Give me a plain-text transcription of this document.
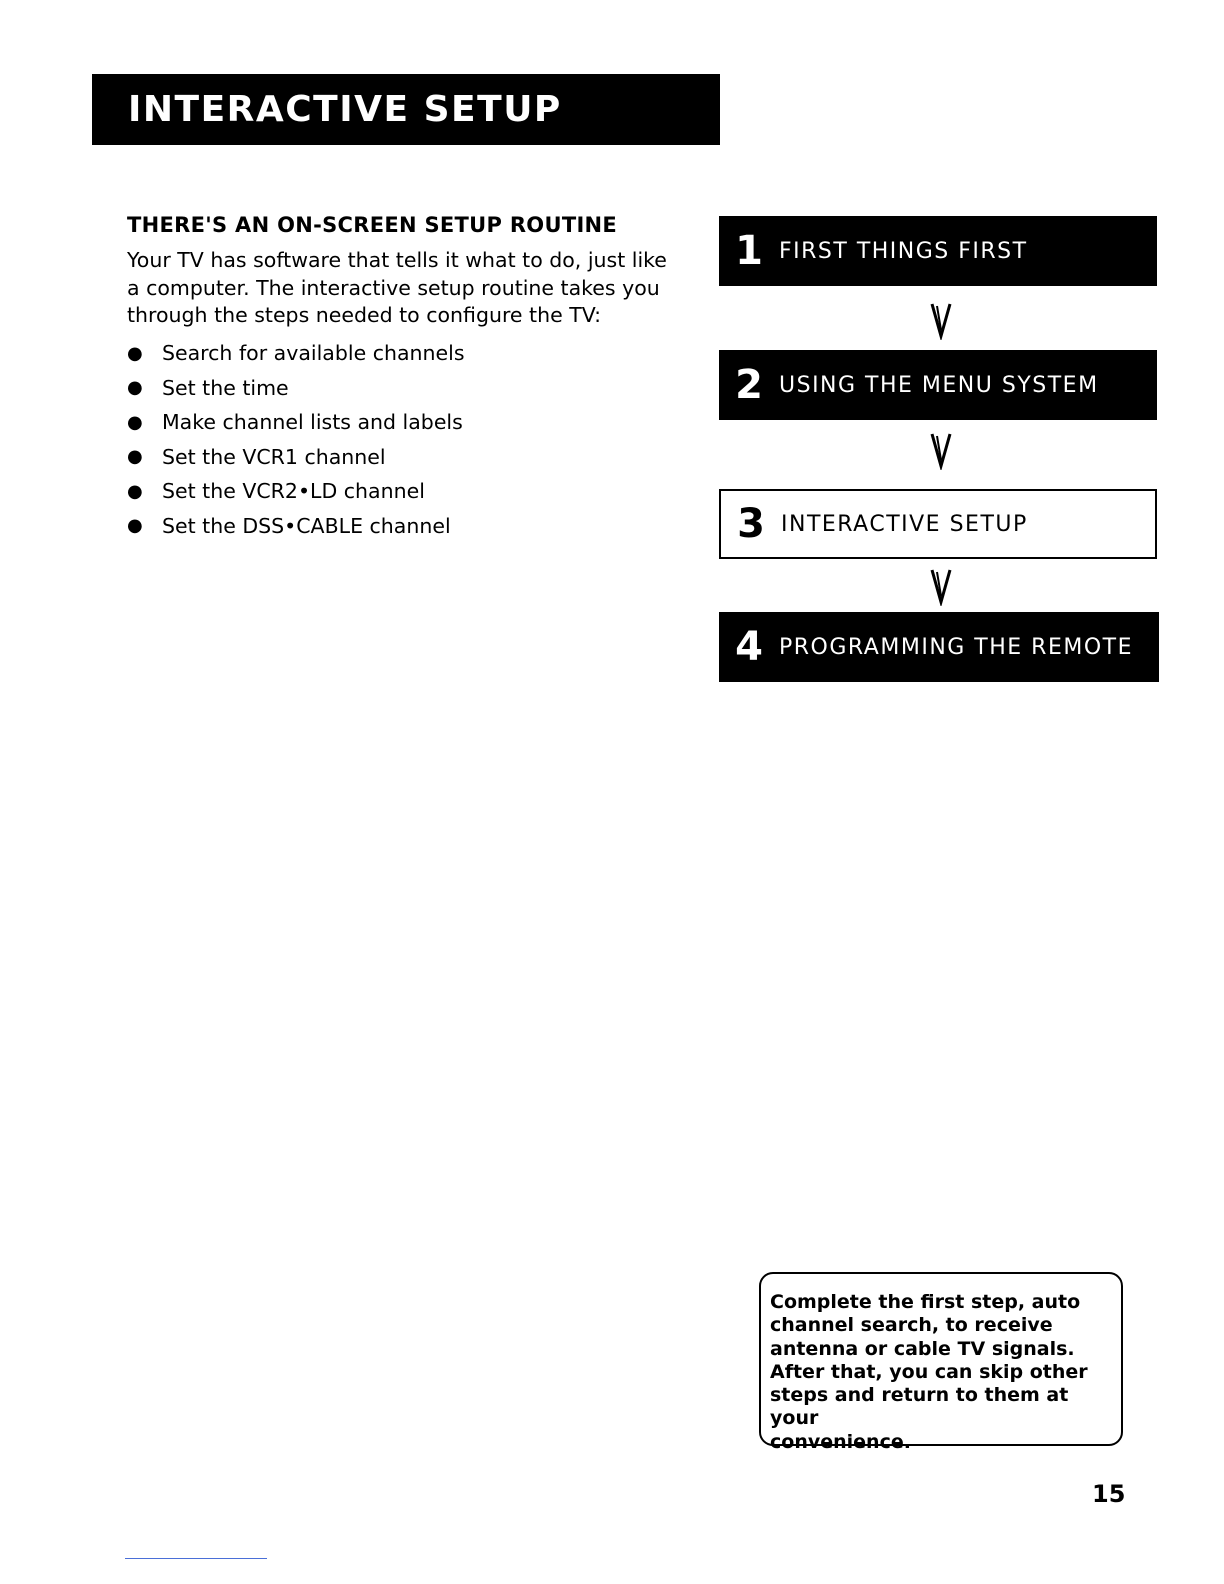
INTERACTIVE SETUP
THERE'S AN ON-SCREEN SETUP ROUTINE
Your TV has software that tells it what to do, just like
a computer. The interactive setup routine takes you
through the steps needed to configure the TV:
● Search for available channels
● Set the time
● Make channel lists and labels
● Set the VCR1 channel
● Set the VCR2•LD channel
● Set the DSS•CABLE channel
1 FIRST THINGS FIRST
2 USING THE MENU SYSTEM
3 INTERACTIVE SETUP
4 PROGRAMMING THE REMOTE
Complete the first step, auto
channel search, to receive
antenna or cable TV signals.
After that, you can skip other
steps and return to them at your
convenience.
15
